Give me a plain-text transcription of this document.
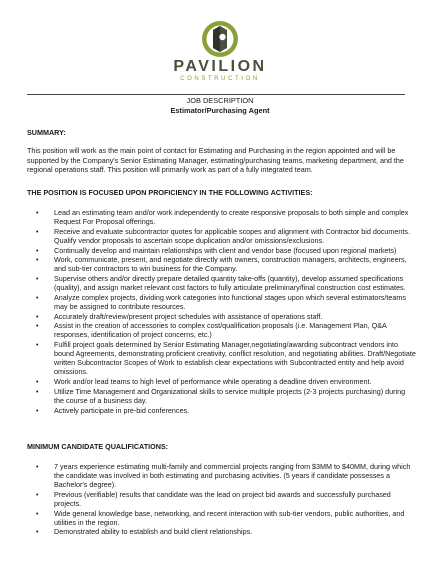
PAVILION
CONSTRUCTION
JOB DESCRIPTION
Estimator/Purchasing Agent
SUMMARY:
This position will work as the main point of contact for Estimating and Purchasing in the region appointed and will be supported by the Company's Senior Estimating Manager, estimating/purchasing teams, marketing department, and the regional operations staff. This position will primarily work as part of a fully integrated team.
THE POSITION IS FOCUSED UPON PROFICIENCY IN THE FOLLOWING ACTIVITIES:
• Lead an estimating team and/or work independently to create responsive proposals to both simple and complex Request For Proposal offerings.
• Receive and evaluate subcontractor quotes for applicable scopes and alignment with Contractor bid documents. Qualify vendor proposals to ascertain scope duplication and/or omissions/exclusions.
• Continually develop and maintain relationships with client and vendor base (focused upon regional markets)
• Work, communicate, present, and negotiate directly with owners, construction managers, architects, engineers, and sub-tier contractors to win business for the Company.
• Supervise others and/or directly prepare detailed quantity take-offs (quantity), develop assumed specifications (quality), and assign market relevant cost factors to fully articulate preliminary/final construction cost estimates.
• Analyze complex projects, dividing work categories into functional stages upon which several estimators/teams may be assigned to contribute resources.
• Accurately draft/review/present project schedules with assistance of operations staff.
• Assist in the creation of accessories to complex cost/qualification proposals (i.e. Management Plan, Q&A responses, identification of project concerns, etc.)
• Fulfill project goals determined by Senior Estimating Manager,negotiating/awarding subcontract vendors into bound Agreements, demonstrating proficient creativity, conflict resolution, and negotiating abilities. Draft/Negotiate written Subcontractor Scopes of Work to establish clear expectations with Subcontracted entity and help avoid omissions.
• Work and/or lead teams to high level of performance while operating a deadline driven environment.
• Utilize Time Management and Organizational skills to service multiple projects (2-3 projects purchasing) during the course of a business day.
• Actively participate in pre-bid conferences.
MINIMUM CANDIDATE QUALIFICATIONS:
• 7 years experience estimating multi-family and commercial projects ranging from $3MM to $40MM, during which the candidate was involved in both estimating and purchasing activities. (5 years if candidate possesses a Bachelor's degree).
• Previous (verifiable) results that candidate was the lead on project bid awards and successfully purchased projects.
• Wide general knowledge base, networking, and recent interaction with sub-tier vendors, public authorities, and utilities in the region.
• Demonstrated ability to establish and build client relationships.
